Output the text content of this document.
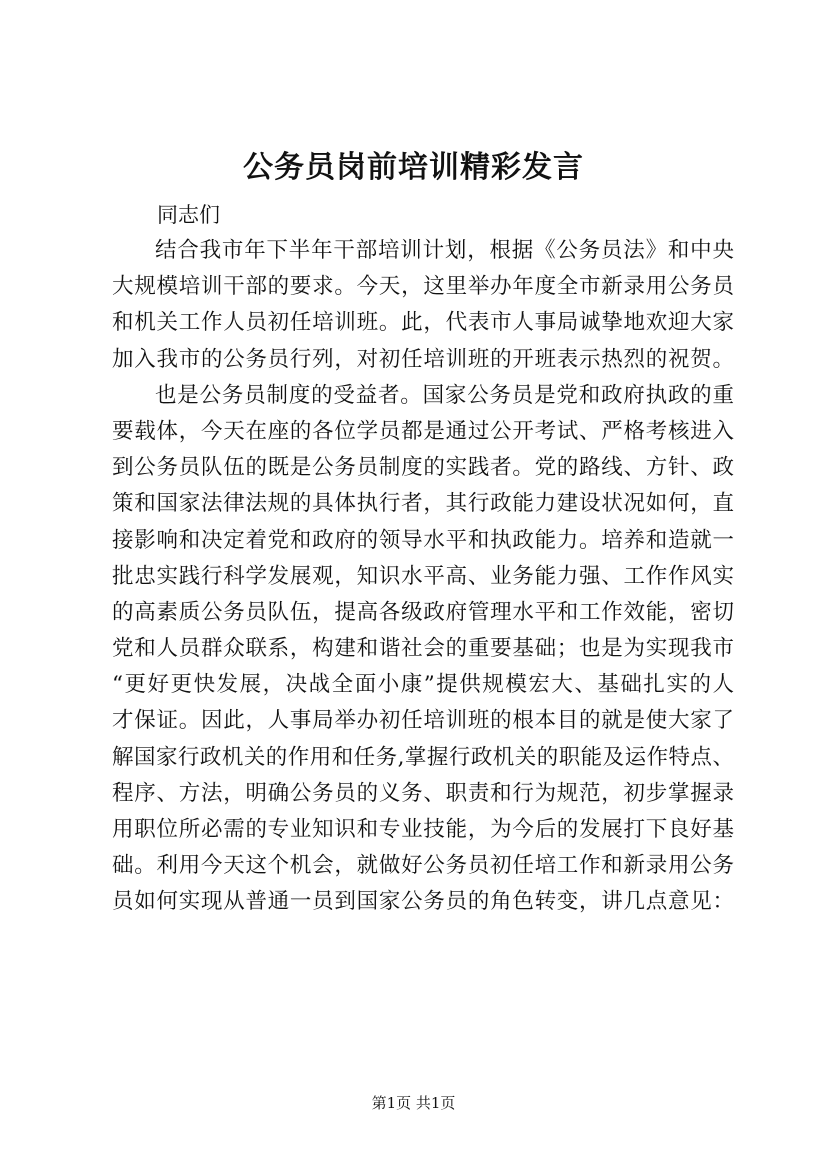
公务员岗前培训精彩发言
同志们
结合我市年下半年干部培训计划，根据《公务员法》和中央
大规模培训干部的要求。今天，这里举办年度全市新录用公务员
和机关工作人员初任培训班。此，代表市人事局诚挚地欢迎大家
加入我市的公务员行列，对初任培训班的开班表示热烈的祝贺。
也是公务员制度的受益者。国家公务员是党和政府执政的重
要载体，今天在座的各位学员都是通过公开考试、严格考核进入
到公务员队伍的既是公务员制度的实践者。党的路线、方针、政
策和国家法律法规的具体执行者，其行政能力建设状况如何，直
接影响和决定着党和政府的领导水平和执政能力。培养和造就一
批忠实践行科学发展观，知识水平高、业务能力强、工作作风实
的高素质公务员队伍，提高各级政府管理水平和工作效能，密切
党和人员群众联系，构建和谐社会的重要基础；也是为实现我市
“更好更快发展，决战全面小康”提供规模宏大、基础扎实的人
才保证。因此，人事局举办初任培训班的根本目的就是使大家了
解国家行政机关的作用和任务,掌握行政机关的职能及运作特点、
程序、方法，明确公务员的义务、职责和行为规范，初步掌握录
用职位所必需的专业知识和专业技能，为今后的发展打下良好基
础。利用今天这个机会，就做好公务员初任培工作和新录用公务
员如何实现从普通一员到国家公务员的角色转变，讲几点意见：
第1页 共1页
